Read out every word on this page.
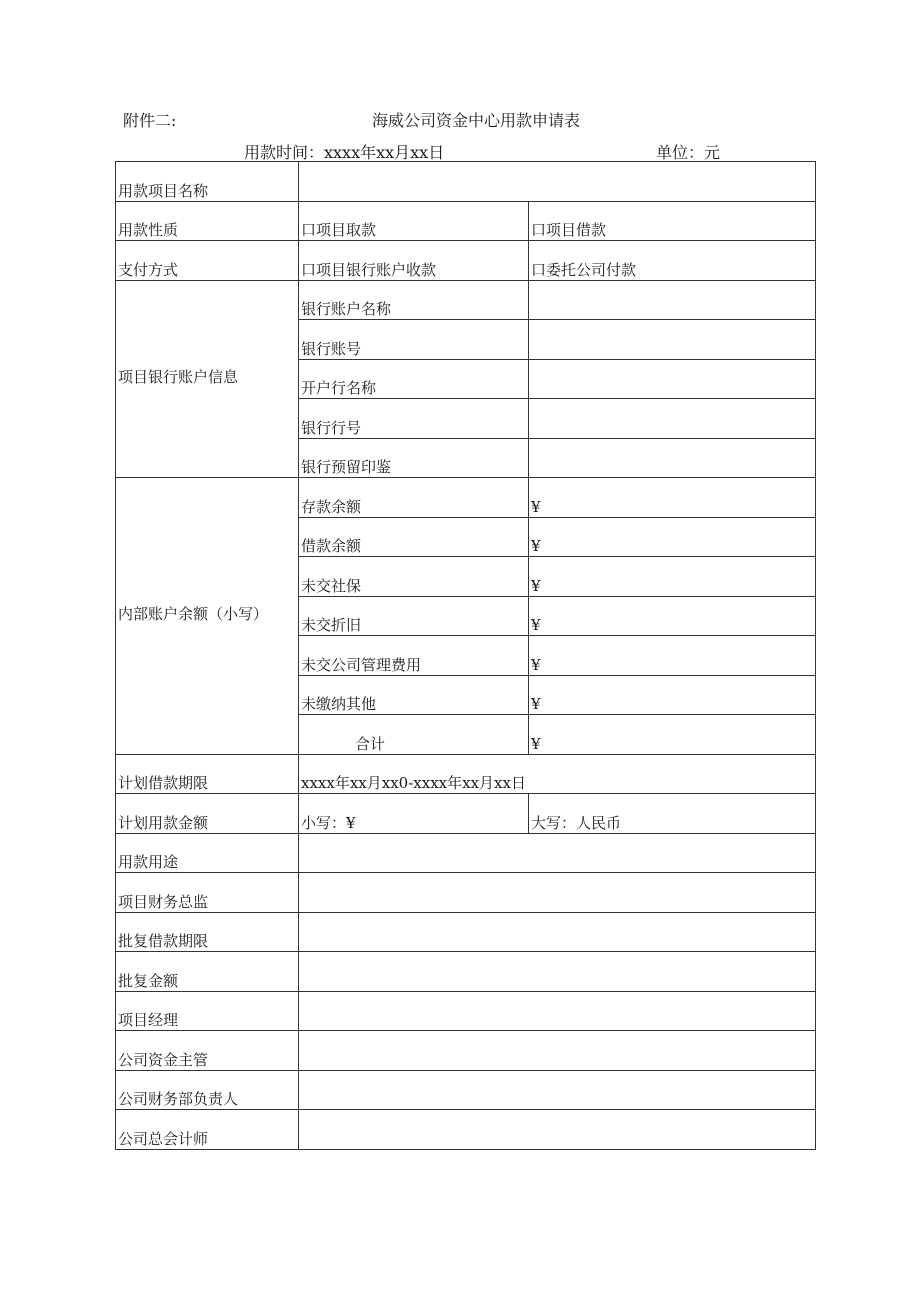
附件二:	海威公司资金中心用款申请表
用款时间：xxxx年xx月xx日	单位：元
用款项目名称		
用款性质	口项目取款	口项目借款
支付方式	口项目银行账户收款	口委托公司付款
项目银行账户信息	银行账户名称	
	银行账号	
	开户行名称	
	银行行号	
	银行预留印鉴	
内部账户余额（小写）	存款余额	¥
	借款余额	¥
	未交社保	¥
	未交折旧	¥
	未交公司管理费用	¥
	未缴纳其他	¥
	合计	¥
计划借款期限	xxxx年xx月xx0-xxxx年xx月xx日	
计划用款金额	小写：¥	大写：人民币
用款用途		
项目财务总监		
批复借款期限		
批复金额		
项目经理		
公司资金主管		
公司财务部负责人		
公司总会计师		
